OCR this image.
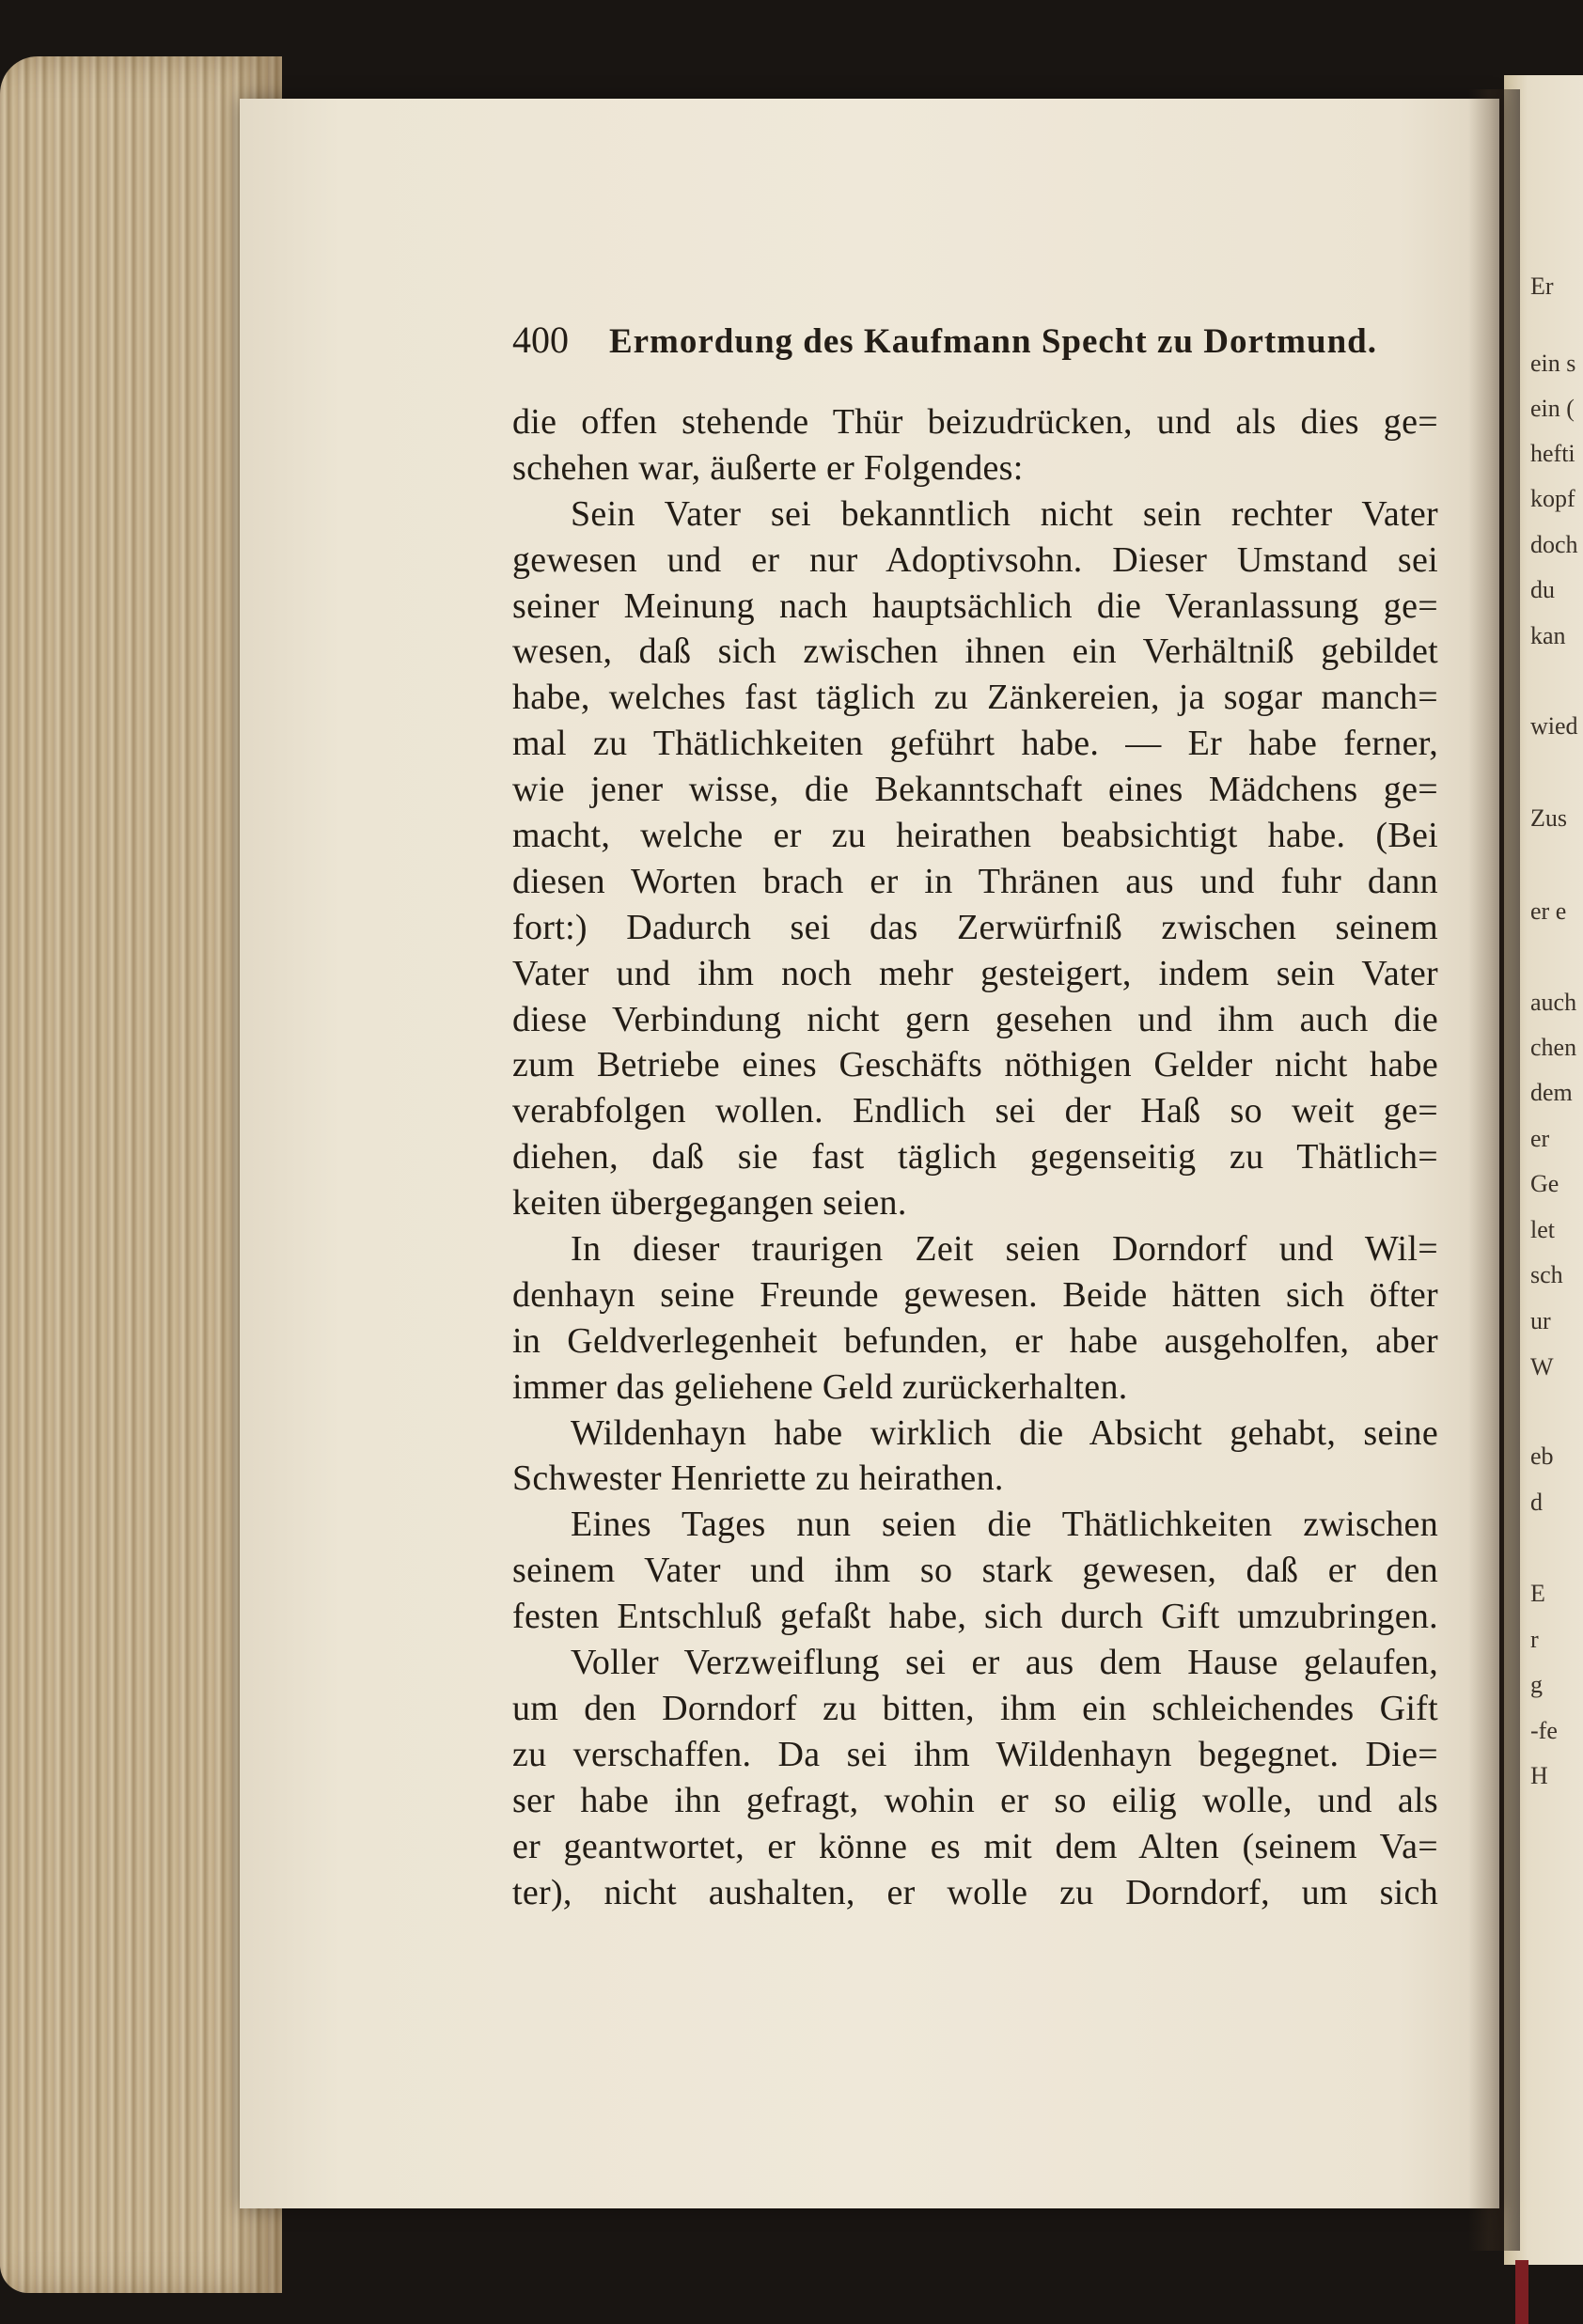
400 Ermordung des Kaufmann Specht zu Dortmund.
die offen stehende Thür beizudrücken, und als dies ge=
schehen war, äußerte er Folgendes:
Sein Vater sei bekanntlich nicht sein rechter Vater
gewesen und er nur Adoptivsohn. Dieser Umstand sei
seiner Meinung nach hauptsächlich die Veranlassung ge=
wesen, daß sich zwischen ihnen ein Verhältniß gebildet
habe, welches fast täglich zu Zänkereien, ja sogar manch=
mal zu Thätlichkeiten geführt habe. — Er habe ferner,
wie jener wisse, die Bekanntschaft eines Mädchens ge=
macht, welche er zu heirathen beabsichtigt habe. (Bei
diesen Worten brach er in Thränen aus und fuhr dann
fort:) Dadurch sei das Zerwürfniß zwischen seinem
Vater und ihm noch mehr gesteigert, indem sein Vater
diese Verbindung nicht gern gesehen und ihm auch die
zum Betriebe eines Geschäfts nöthigen Gelder nicht habe
verabfolgen wollen. Endlich sei der Haß so weit ge=
diehen, daß sie fast täglich gegenseitig zu Thätlich=
keiten übergegangen seien.
In dieser traurigen Zeit seien Dorndorf und Wil=
denhayn seine Freunde gewesen. Beide hätten sich öfter
in Geldverlegenheit befunden, er habe ausgeholfen, aber
immer das geliehene Geld zurückerhalten.
Wildenhayn habe wirklich die Absicht gehabt, seine
Schwester Henriette zu heirathen.
Eines Tages nun seien die Thätlichkeiten zwischen
seinem Vater und ihm so stark gewesen, daß er den
festen Entschluß gefaßt habe, sich durch Gift umzubringen.
Voller Verzweiflung sei er aus dem Hause gelaufen,
um den Dorndorf zu bitten, ihm ein schleichendes Gift
zu verschaffen. Da sei ihm Wildenhayn begegnet. Die=
ser habe ihn gefragt, wohin er so eilig wolle, und als
er geantwortet, er könne es mit dem Alten (seinem Va=
ter), nicht aushalten, er wolle zu Dorndorf, um sich
Er
ein s
ein (
hefti
kopf
doch
du
kan
wied
Zus
er e
auch
chen
dem
er
Ge
let
sch
ur
W
eb
d
E
r
g
-fe
H
